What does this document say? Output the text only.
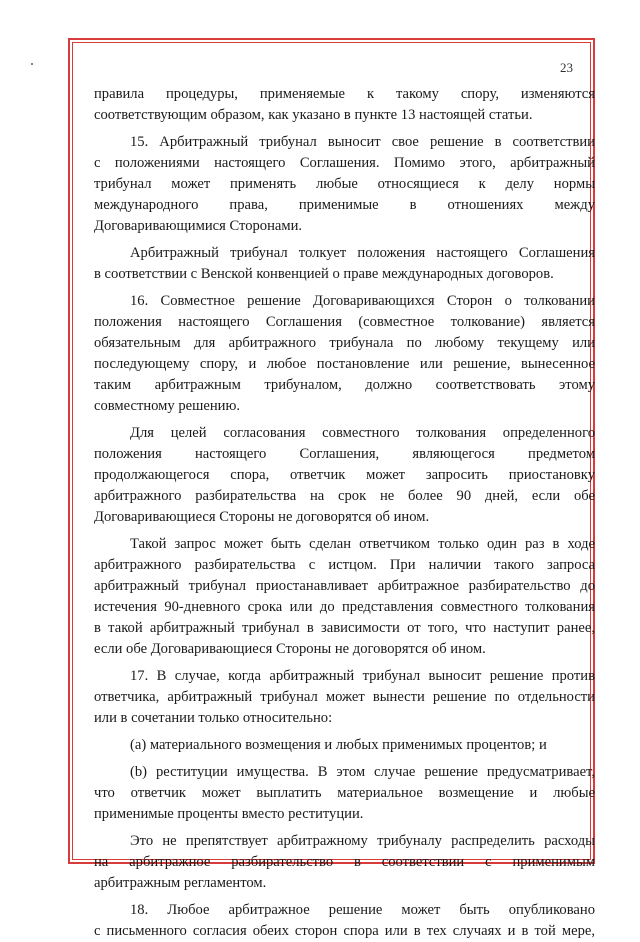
23
правила процедуры, применяемые к такому спору, изменяются
соответствующим образом, как указано в пункте 13 настоящей статьи.
15. Арбитражный трибунал выносит свое решение в соответствии
с положениями настоящего Соглашения. Помимо этого, арбитражный
трибунал может применять любые относящиеся к делу нормы
международного права, применимые в отношениях между
Договаривающимися Сторонами.
Арбитражный трибунал толкует положения настоящего Соглашения
в соответствии с Венской конвенцией о праве международных договоров.
16. Совместное решение Договаривающихся Сторон о толковании
положения настоящего Соглашения (совместное толкование) является
обязательным для арбитражного трибунала по любому текущему или
последующему спору, и любое постановление или решение, вынесенное
таким арбитражным трибуналом, должно соответствовать этому
совместному решению.
Для целей согласования совместного толкования определенного
положения настоящего Соглашения, являющегося предметом
продолжающегося спора, ответчик может запросить приостановку
арбитражного разбирательства на срок не более 90 дней, если обе
Договаривающиеся Стороны не договорятся об ином.
Такой запрос может быть сделан ответчиком только один раз в ходе
арбитражного разбирательства с истцом. При наличии такого запроса
арбитражный трибунал приостанавливает арбитражное разбирательство до
истечения 90-дневного срока или до представления совместного толкования
в такой арбитражный трибунал в зависимости от того, что наступит ранее,
если обе Договаривающиеся Стороны не договорятся об ином.
17. В случае, когда арбитражный трибунал выносит решение против
ответчика, арбитражный трибунал может вынести решение по отдельности
или в сочетании только относительно:
(a) материального возмещения и любых применимых процентов; и
(b) реституции имущества. В этом случае решение предусматривает,
что ответчик может выплатить материальное возмещение и любые
применимые проценты вместо реституции.
Это не препятствует арбитражному трибуналу распределить расходы
на арбитражное разбирательство в соответствии с применимым
арбитражным регламентом.
18. Любое арбитражное решение может быть опубликовано
с письменного согласия обеих сторон спора или в тех случаях и в той мере,
